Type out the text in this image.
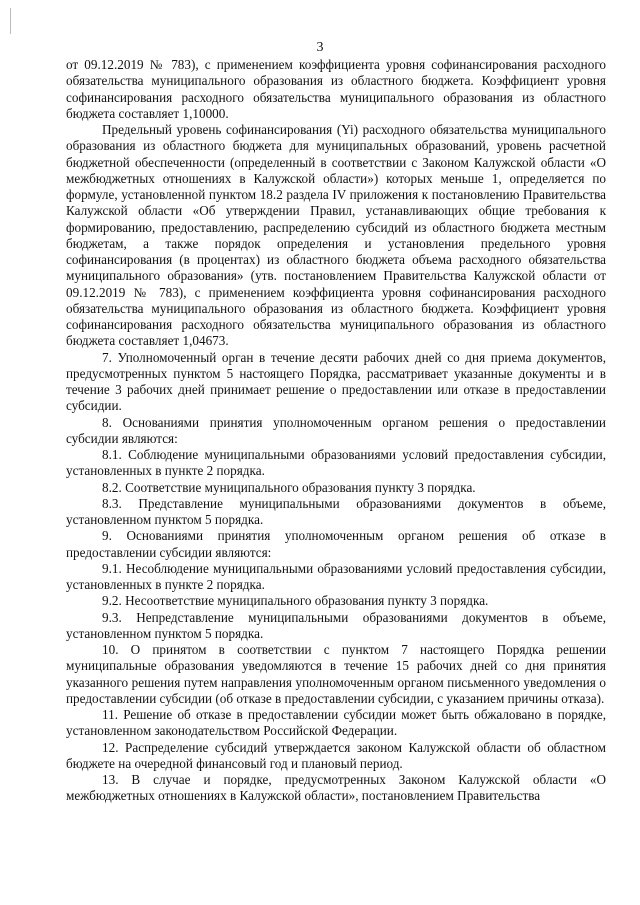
3

от 09.12.2019 № 783), с применением коэффициента уровня софинансирования расходного обязательства муниципального образования из областного бюджета. Коэффициент уровня софинансирования расходного обязательства муниципального образования из областного бюджета составляет 1,10000.

Предельный уровень софинансирования (Yi) расходного обязательства муниципального образования из областного бюджета для муниципальных образований, уровень расчетной бюджетной обеспеченности (определенный в соответствии с Законом Калужской области «О межбюджетных отношениях в Калужской области») которых меньше 1, определяется по формуле, установленной пунктом 18.2 раздела IV приложения к постановлению Правительства Калужской области «Об утверждении Правил, устанавливающих общие требования к формированию, предоставлению, распределению субсидий из областного бюджета местным бюджетам, а также порядок определения и установления предельного уровня софинансирования (в процентах) из областного бюджета объема расходного обязательства муниципального образования» (утв. постановлением Правительства Калужской области от 09.12.2019 № 783), с применением коэффициента уровня софинансирования расходного обязательства муниципального образования из областного бюджета. Коэффициент уровня софинансирования расходного обязательства муниципального образования из областного бюджета составляет 1,04673.

7. Уполномоченный орган в течение десяти рабочих дней со дня приема документов, предусмотренных пунктом 5 настоящего Порядка, рассматривает указанные документы и в течение 3 рабочих дней принимает решение о предоставлении или отказе в предоставлении субсидии.

8. Основаниями принятия уполномоченным органом решения о предоставлении субсидии являются:

8.1. Соблюдение муниципальными образованиями условий предоставления субсидии, установленных в пункте 2 порядка.

8.2. Соответствие муниципального образования пункту 3 порядка.

8.3. Представление муниципальными образованиями документов в объеме, установленном пунктом 5 порядка.

9. Основаниями принятия уполномоченным органом решения об отказе в предоставлении субсидии являются:

9.1. Несоблюдение муниципальными образованиями условий предоставления субсидии, установленных в пункте 2 порядка.

9.2. Несоответствие муниципального образования пункту 3 порядка.

9.3. Непредставление муниципальными образованиями документов в объеме, установленном пунктом 5 порядка.

10. О принятом в соответствии с пунктом 7 настоящего Порядка решении муниципальные образования уведомляются в течение 15 рабочих дней со дня принятия указанного решения путем направления уполномоченным органом письменного уведомления о предоставлении субсидии (об отказе в предоставлении субсидии, с указанием причины отказа).

11. Решение об отказе в предоставлении субсидии может быть обжаловано в порядке, установленном законодательством Российской Федерации.

12. Распределение субсидий утверждается законом Калужской области об областном бюджете на очередной финансовый год и плановый период.

13. В случае и порядке, предусмотренных Законом Калужской области «О межбюджетных отношениях в Калужской области», постановлением Правительства
